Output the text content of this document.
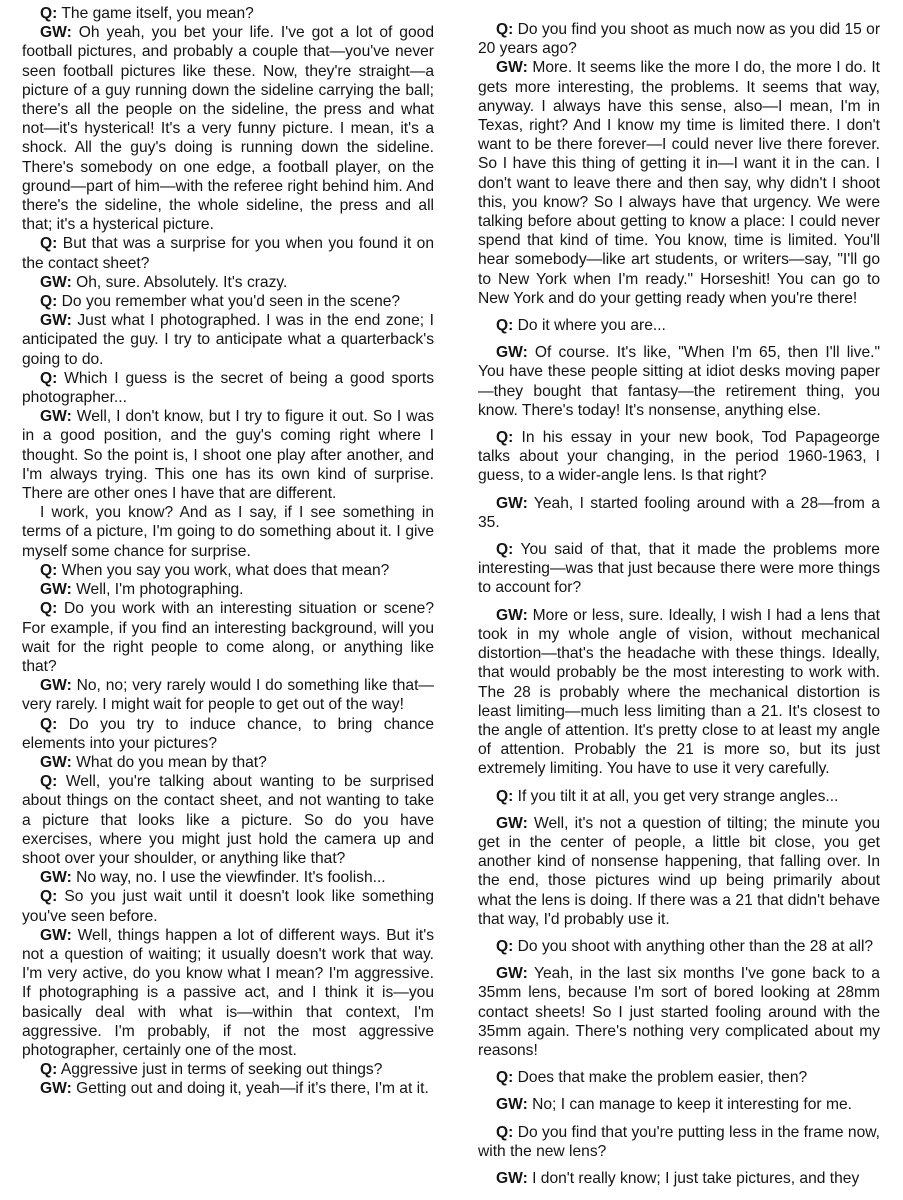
Q: The game itself, you mean?

GW: Oh yeah, you bet your life. I've got a lot of good football pictures, and probably a couple that—you've never seen football pictures like these. Now, they're straight—a picture of a guy running down the sideline carrying the ball; there's all the people on the sideline, the press and what not—it's hysterical! It's a very funny picture. I mean, it's a shock. All the guy's doing is running down the sideline. There's somebody on one edge, a football player, on the ground—part of him—with the referee right behind him. And there's the sideline, the whole sideline, the press and all that; it's a hysterical picture.

Q: But that was a surprise for you when you found it on the contact sheet?

GW: Oh, sure. Absolutely. It's crazy.

Q: Do you remember what you'd seen in the scene?

GW: Just what I photographed. I was in the end zone; I anticipated the guy. I try to anticipate what a quarterback's going to do.

Q: Which I guess is the secret of being a good sports photographer...

GW: Well, I don't know, but I try to figure it out. So I was in a good position, and the guy's coming right where I thought. So the point is, I shoot one play after another, and I'm always trying. This one has its own kind of surprise. There are other ones I have that are different.

I work, you know? And as I say, if I see something in terms of a picture, I'm going to do something about it. I give myself some chance for surprise.

Q: When you say you work, what does that mean?

GW: Well, I'm photographing.

Q: Do you work with an interesting situation or scene? For example, if you find an interesting background, will you wait for the right people to come along, or anything like that?

GW: No, no; very rarely would I do something like that—very rarely. I might wait for people to get out of the way!

Q: Do you try to induce chance, to bring chance elements into your pictures?

GW: What do you mean by that?

Q: Well, you're talking about wanting to be surprised about things on the contact sheet, and not wanting to take a picture that looks like a picture. So do you have exercises, where you might just hold the camera up and shoot over your shoulder, or anything like that?

GW: No way, no. I use the viewfinder. It's foolish...

Q: So you just wait until it doesn't look like something you've seen before.

GW: Well, things happen a lot of different ways. But it's not a question of waiting; it usually doesn't work that way. I'm very active, do you know what I mean? I'm aggressive. If photographing is a passive act, and I think it is—you basically deal with what is—within that context, I'm aggressive. I'm probably, if not the most aggressive photographer, certainly one of the most.

Q: Aggressive just in terms of seeking out things?

GW: Getting out and doing it, yeah—if it's there, I'm at it.

Q: Do you find you shoot as much now as you did 15 or 20 years ago?

GW: More. It seems like the more I do, the more I do. It gets more interesting, the problems. It seems that way, anyway. I always have this sense, also—I mean, I'm in Texas, right? And I know my time is limited there. I don't want to be there forever—I could never live there forever. So I have this thing of getting it in—I want it in the can. I don't want to leave there and then say, why didn't I shoot this, you know? So I always have that urgency. We were talking before about getting to know a place: I could never spend that kind of time. You know, time is limited. You'll hear somebody—like art students, or writers—say, "I'll go to New York when I'm ready." Horseshit! You can go to New York and do your getting ready when you're there!

Q: Do it where you are...

GW: Of course. It's like, "When I'm 65, then I'll live." You have these people sitting at idiot desks moving paper—they bought that fantasy—the retirement thing, you know. There's today! It's nonsense, anything else.

Q: In his essay in your new book, Tod Papageorge talks about your changing, in the period 1960-1963, I guess, to a wider-angle lens. Is that right?

GW: Yeah, I started fooling around with a 28—from a 35.

Q: You said of that, that it made the problems more interesting—was that just because there were more things to account for?

GW: More or less, sure. Ideally, I wish I had a lens that took in my whole angle of vision, without mechanical distortion—that's the headache with these things. Ideally, that would probably be the most interesting to work with. The 28 is probably where the mechanical distortion is least limiting—much less limiting than a 21. It's closest to the angle of attention. It's pretty close to at least my angle of attention. Probably the 21 is more so, but its just extremely limiting. You have to use it very carefully.

Q: If you tilt it at all, you get very strange angles...

GW: Well, it's not a question of tilting; the minute you get in the center of people, a little bit close, you get another kind of nonsense happening, that falling over. In the end, those pictures wind up being primarily about what the lens is doing. If there was a 21 that didn't behave that way, I'd probably use it.

Q: Do you shoot with anything other than the 28 at all?

GW: Yeah, in the last six months I've gone back to a 35mm lens, because I'm sort of bored looking at 28mm contact sheets! So I just started fooling around with the 35mm again. There's nothing very complicated about my reasons!

Q: Does that make the problem easier, then?

GW: No; I can manage to keep it interesting for me.

Q: Do you find that you're putting less in the frame now, with the new lens?

GW: I don't really know; I just take pictures, and they
